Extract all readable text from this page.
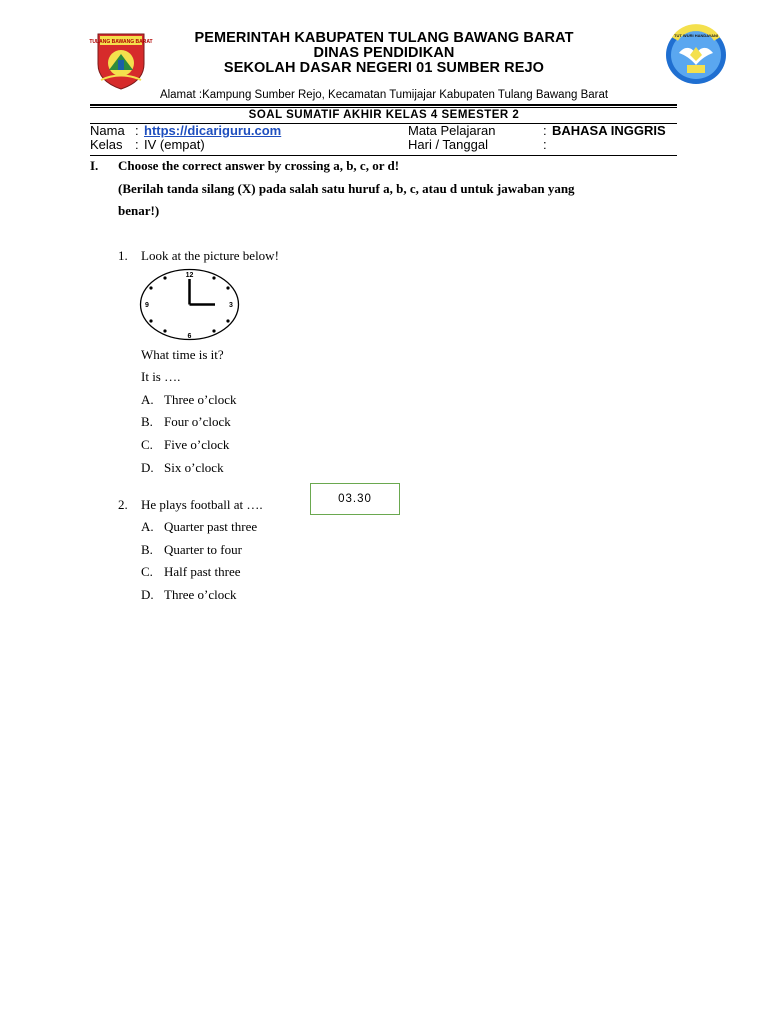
TULANG BAWANG BARAT
TUT WURI HANDAYANI
PEMERINTAH KABUPATEN TULANG BAWANG BARAT
DINAS PENDIDIKAN
SEKOLAH DASAR NEGERI 01 SUMBER REJO
Alamat :Kampung Sumber Rejo, Kecamatan Tumijajar Kabupaten Tulang Bawang Barat
SOAL SUMATIF AKHIR KELAS 4 SEMESTER 2
Nama : https://dicariguru.com	Mata Pelajaran	: BAHASA INGGRIS
Kelas : IV (empat)	Hari / Tanggal	:
I. Choose the correct answer by crossing a, b, c, or d!
(Berilah tanda silang (X) pada salah satu huruf a, b, c, atau d untuk jawaban yang
benar!)
1. Look at the picture below!
12
3
6
9
What time is it?
It is ….
A. Three o’clock
B. Four o’clock
C. Five o’clock
D. Six o’clock
2. He plays football at ….	03.30
A. Quarter past three
B. Quarter to four
C. Half past three
D. Three o’clock
